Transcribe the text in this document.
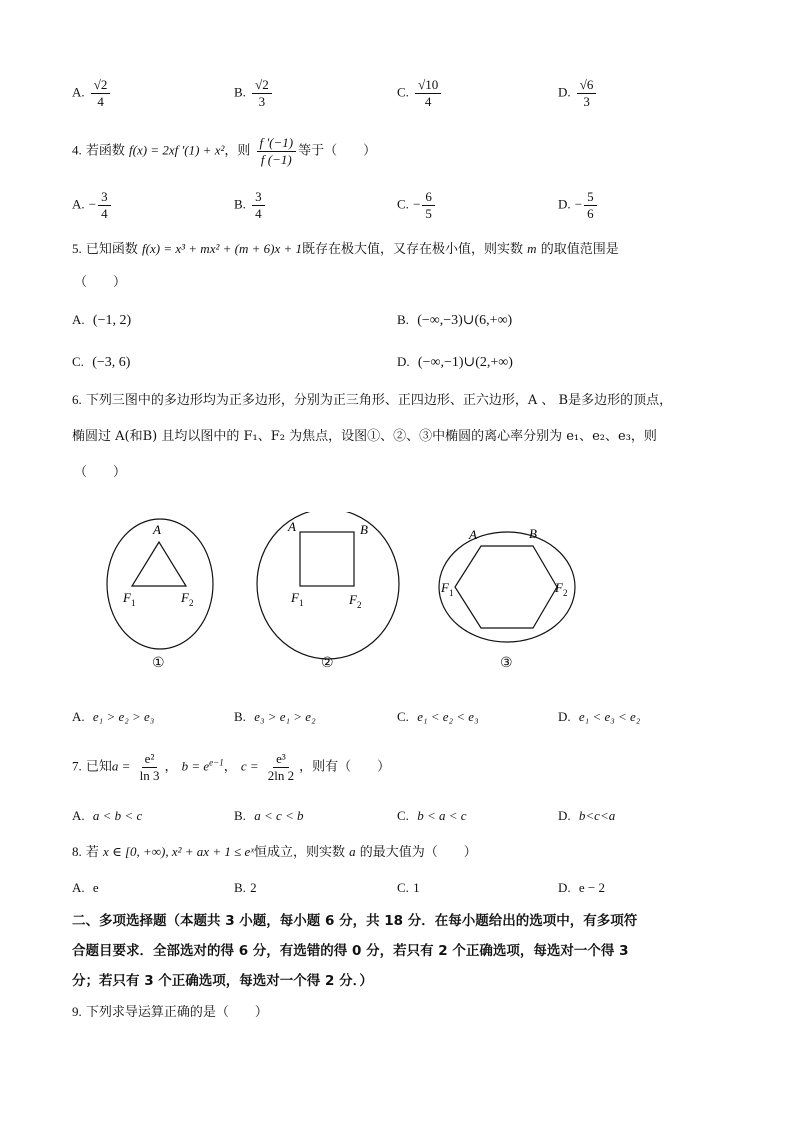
A. $\frac{√2}{4}$	B. $\frac{√2}{3}$	C. $\frac{√10}{4}$	D. $\frac{√6}{3}$
4. 若函数 f(x) = 2xf '(1) + x²，则 $\frac{f '(-1)}{f (-1)}$ 等于（　　）
A. − $\frac{3}{4}$	B. $\frac{3}{4}$	C. − $\frac{6}{5}$	D. − $\frac{5}{6}$
5. 已知函数 f(x) = x³ + mx² + (m + 6)x + 1既存在极大值，又存在极小值，则实数 m 的取值范围是
（　　）
A. (−1, 2)	B. (−∞,−3)∪(6,+∞)
C. (−3, 6)	D. (−∞,−1)∪(2,+∞)
6. 下列三图中的多边形均为正多边形，分别为正三角形、正四边形、正六边形，A 、 B是多边形的顶点，
椭圆过 A(和B) 且均以图中的 F₁、F₂ 为焦点，设图①、②、③中椭圆的离心率分别为 e₁、e₂、e₃，则
（　　）
A
$F_1$	$F_2$
A	B
$F_1$	$F_2$
A	B
$F_1$	$F_2$
①	②	③
A. e₁ > e₂ > e₃	B. e₃ > e₁ > e₂	C. e₁ < e₂ < e₃	D. e₁ < e₃ < e₂
7. 已知$a = \frac{\text{e²}}{\ln 3}$ ， $b = e^{e-1}$， $c = \frac{\text{e³}}{2\ln 2}$ ，则有（　　）
A. a < b < c	B. a < c < b	C. b < a < c	D. b<c<a
8. 若 x ∈ [0, +∞), x² + ax + 1 ≤ eˣ恒成立，则实数 a 的最大值为（　　）
A. e	B. 2	C. 1	D. e − 2
二、多项选择题（本题共 3 小题，每小题 6 分，共 18 分．在每小题给出的选项中，有多项符
合题目要求．全部选对的得 6 分，有选错的得 0 分，若只有 2 个正确选项，每选对一个得 3
分；若只有 3 个正确选项，每选对一个得 2 分．）
9. 下列求导运算正确的是（　　）
